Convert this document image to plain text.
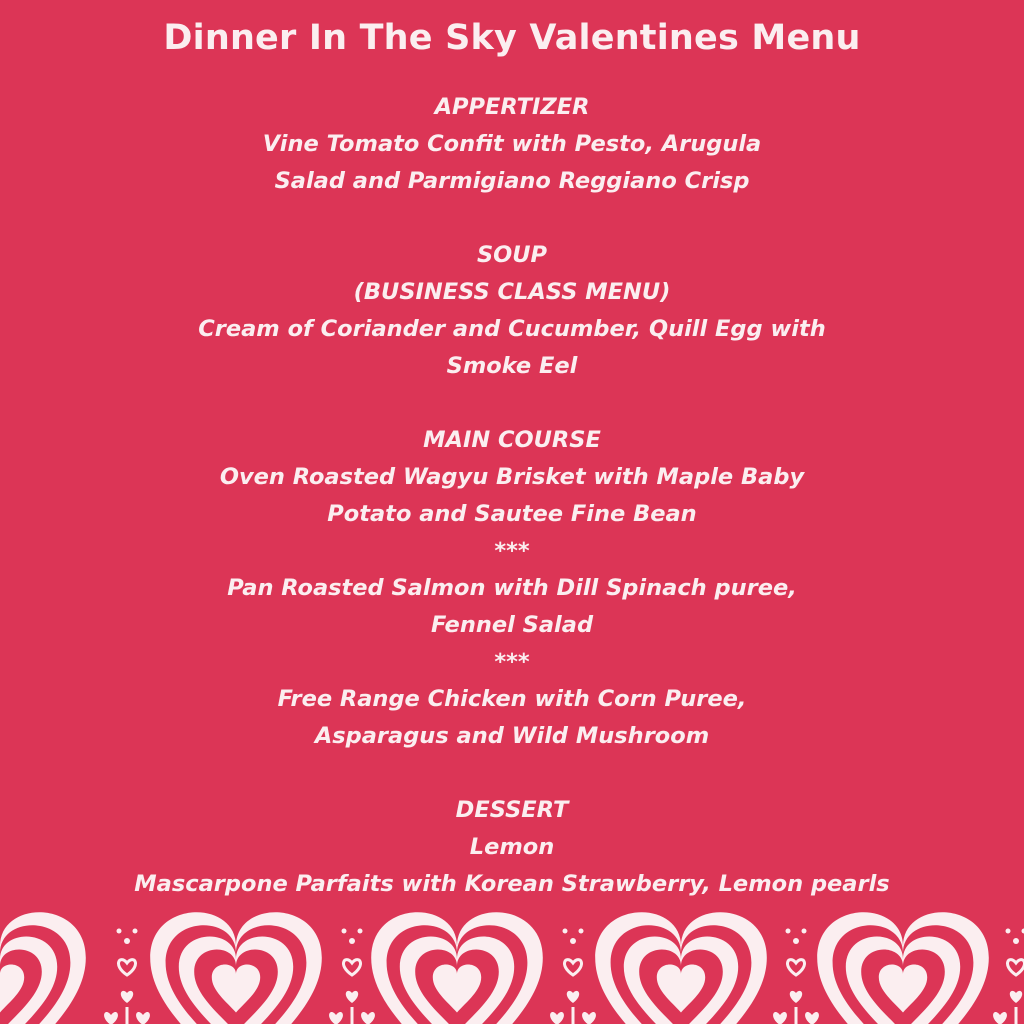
Dinner In The Sky Valentines Menu
APPERTIZER
Vine Tomato Confit with Pesto, Arugula
Salad and Parmigiano Reggiano Crisp
SOUP
(BUSINESS CLASS MENU)
Cream of Coriander and Cucumber, Quill Egg with
Smoke Eel
MAIN COURSE
Oven Roasted Wagyu Brisket with Maple Baby
Potato and Sautee Fine Bean
***
Pan Roasted Salmon with Dill Spinach puree,
Fennel Salad
***
Free Range Chicken with Corn Puree,
Asparagus and Wild Mushroom
DESSERT
Lemon
Mascarpone Parfaits with Korean Strawberry, Lemon pearls
